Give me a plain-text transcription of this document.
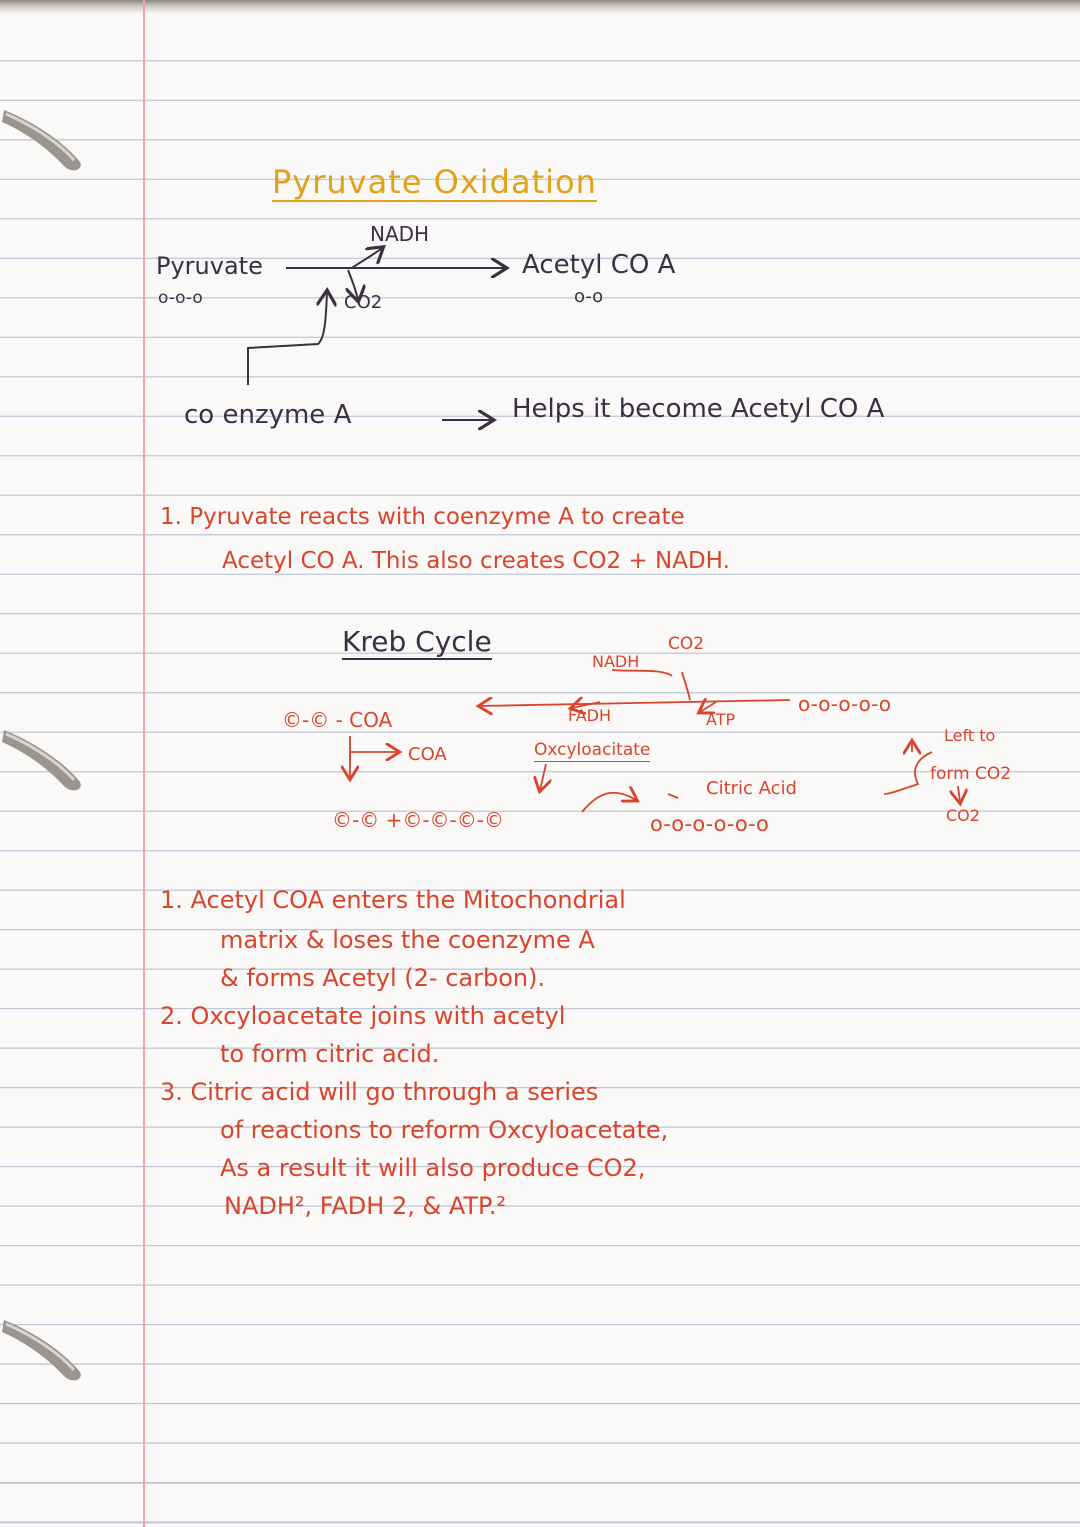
Pyruvate Oxidation
NADH
Pyruvate
o-o-o	CO2
Acetyl CO A
o-o
co enzyme A	Helps it become Acetyl CO A
1. Pyruvate reacts with coenzyme A to create
Acetyl CO A. This also creates CO2 + NADH.
Kreb Cycle	CO2
NADH
FADH	ATP
©-© - COA
COA
o-o-o-o-o
Oxcyloacitate
Citric Acid
Left to
form CO2
CO2
©-© +©-©-©-©	o-o-o-o-o-o
1. Acetyl COA enters the Mitochondrial
matrix & loses the coenzyme A
& forms Acetyl (2- carbon).
2. Oxcyloacetate joins with acetyl
to form citric acid.
3. Citric acid will go through a series
of reactions to reform Oxcyloacetate,
As a result it will also produce CO2,
NADH², FADH 2, & ATP.²
